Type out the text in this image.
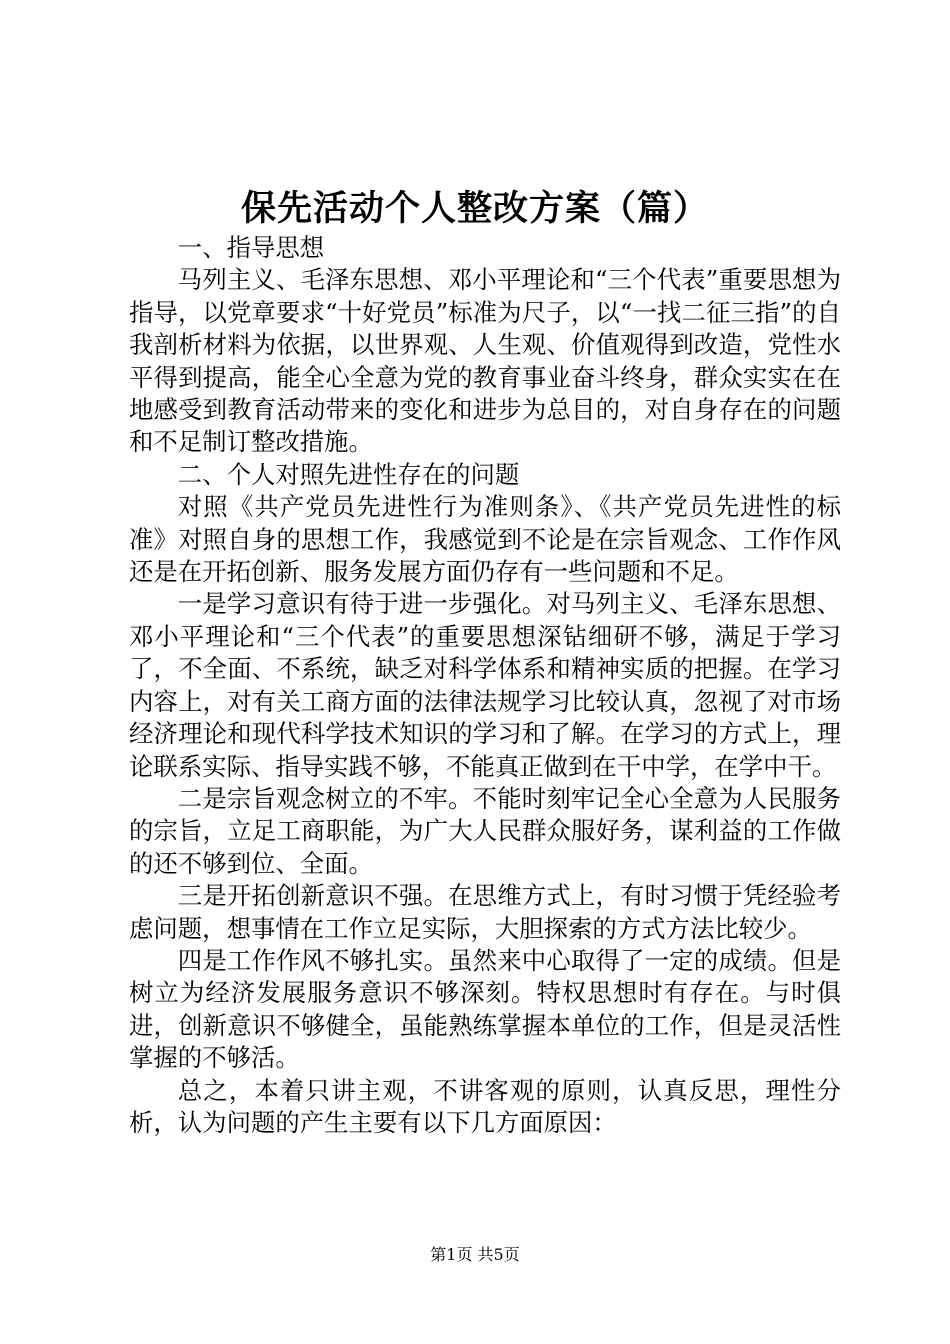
保先活动个人整改方案（篇）

一、指导思想

马列主义、毛泽东思想、邓小平理论和“三个代表”重要思想为指导，以党章要求“十好党员”标准为尺子，以“一找二征三指”的自我剖析材料为依据，以世界观、人生观、价值观得到改造，党性水平得到提高，能全心全意为党的教育事业奋斗终身，群众实实在在地感受到教育活动带来的变化和进步为总目的，对自身存在的问题和不足制订整改措施。

二、个人对照先进性存在的问题

对照《共产党员先进性行为准则条》、《共产党员先进性的标准》对照自身的思想工作，我感觉到不论是在宗旨观念、工作作风还是在开拓创新、服务发展方面仍存有一些问题和不足。

一是学习意识有待于进一步强化。对马列主义、毛泽东思想、邓小平理论和“三个代表”的重要思想深钻细研不够，满足于学习了，不全面、不系统，缺乏对科学体系和精神实质的把握。在学习内容上，对有关工商方面的法律法规学习比较认真，忽视了对市场经济理论和现代科学技术知识的学习和了解。在学习的方式上，理论联系实际、指导实践不够，不能真正做到在干中学，在学中干。

二是宗旨观念树立的不牢。不能时刻牢记全心全意为人民服务的宗旨，立足工商职能，为广大人民群众服好务，谋利益的工作做的还不够到位、全面。

三是开拓创新意识不强。在思维方式上，有时习惯于凭经验考虑问题，想事情在工作立足实际，大胆探索的方式方法比较少。

四是工作作风不够扎实。虽然来中心取得了一定的成绩。但是树立为经济发展服务意识不够深刻。特权思想时有存在。与时俱进，创新意识不够健全，虽能熟练掌握本单位的工作，但是灵活性掌握的不够活。

总之，本着只讲主观，不讲客观的原则，认真反思，理性分析，认为问题的产生主要有以下几方面原因：

第1页 共5页
